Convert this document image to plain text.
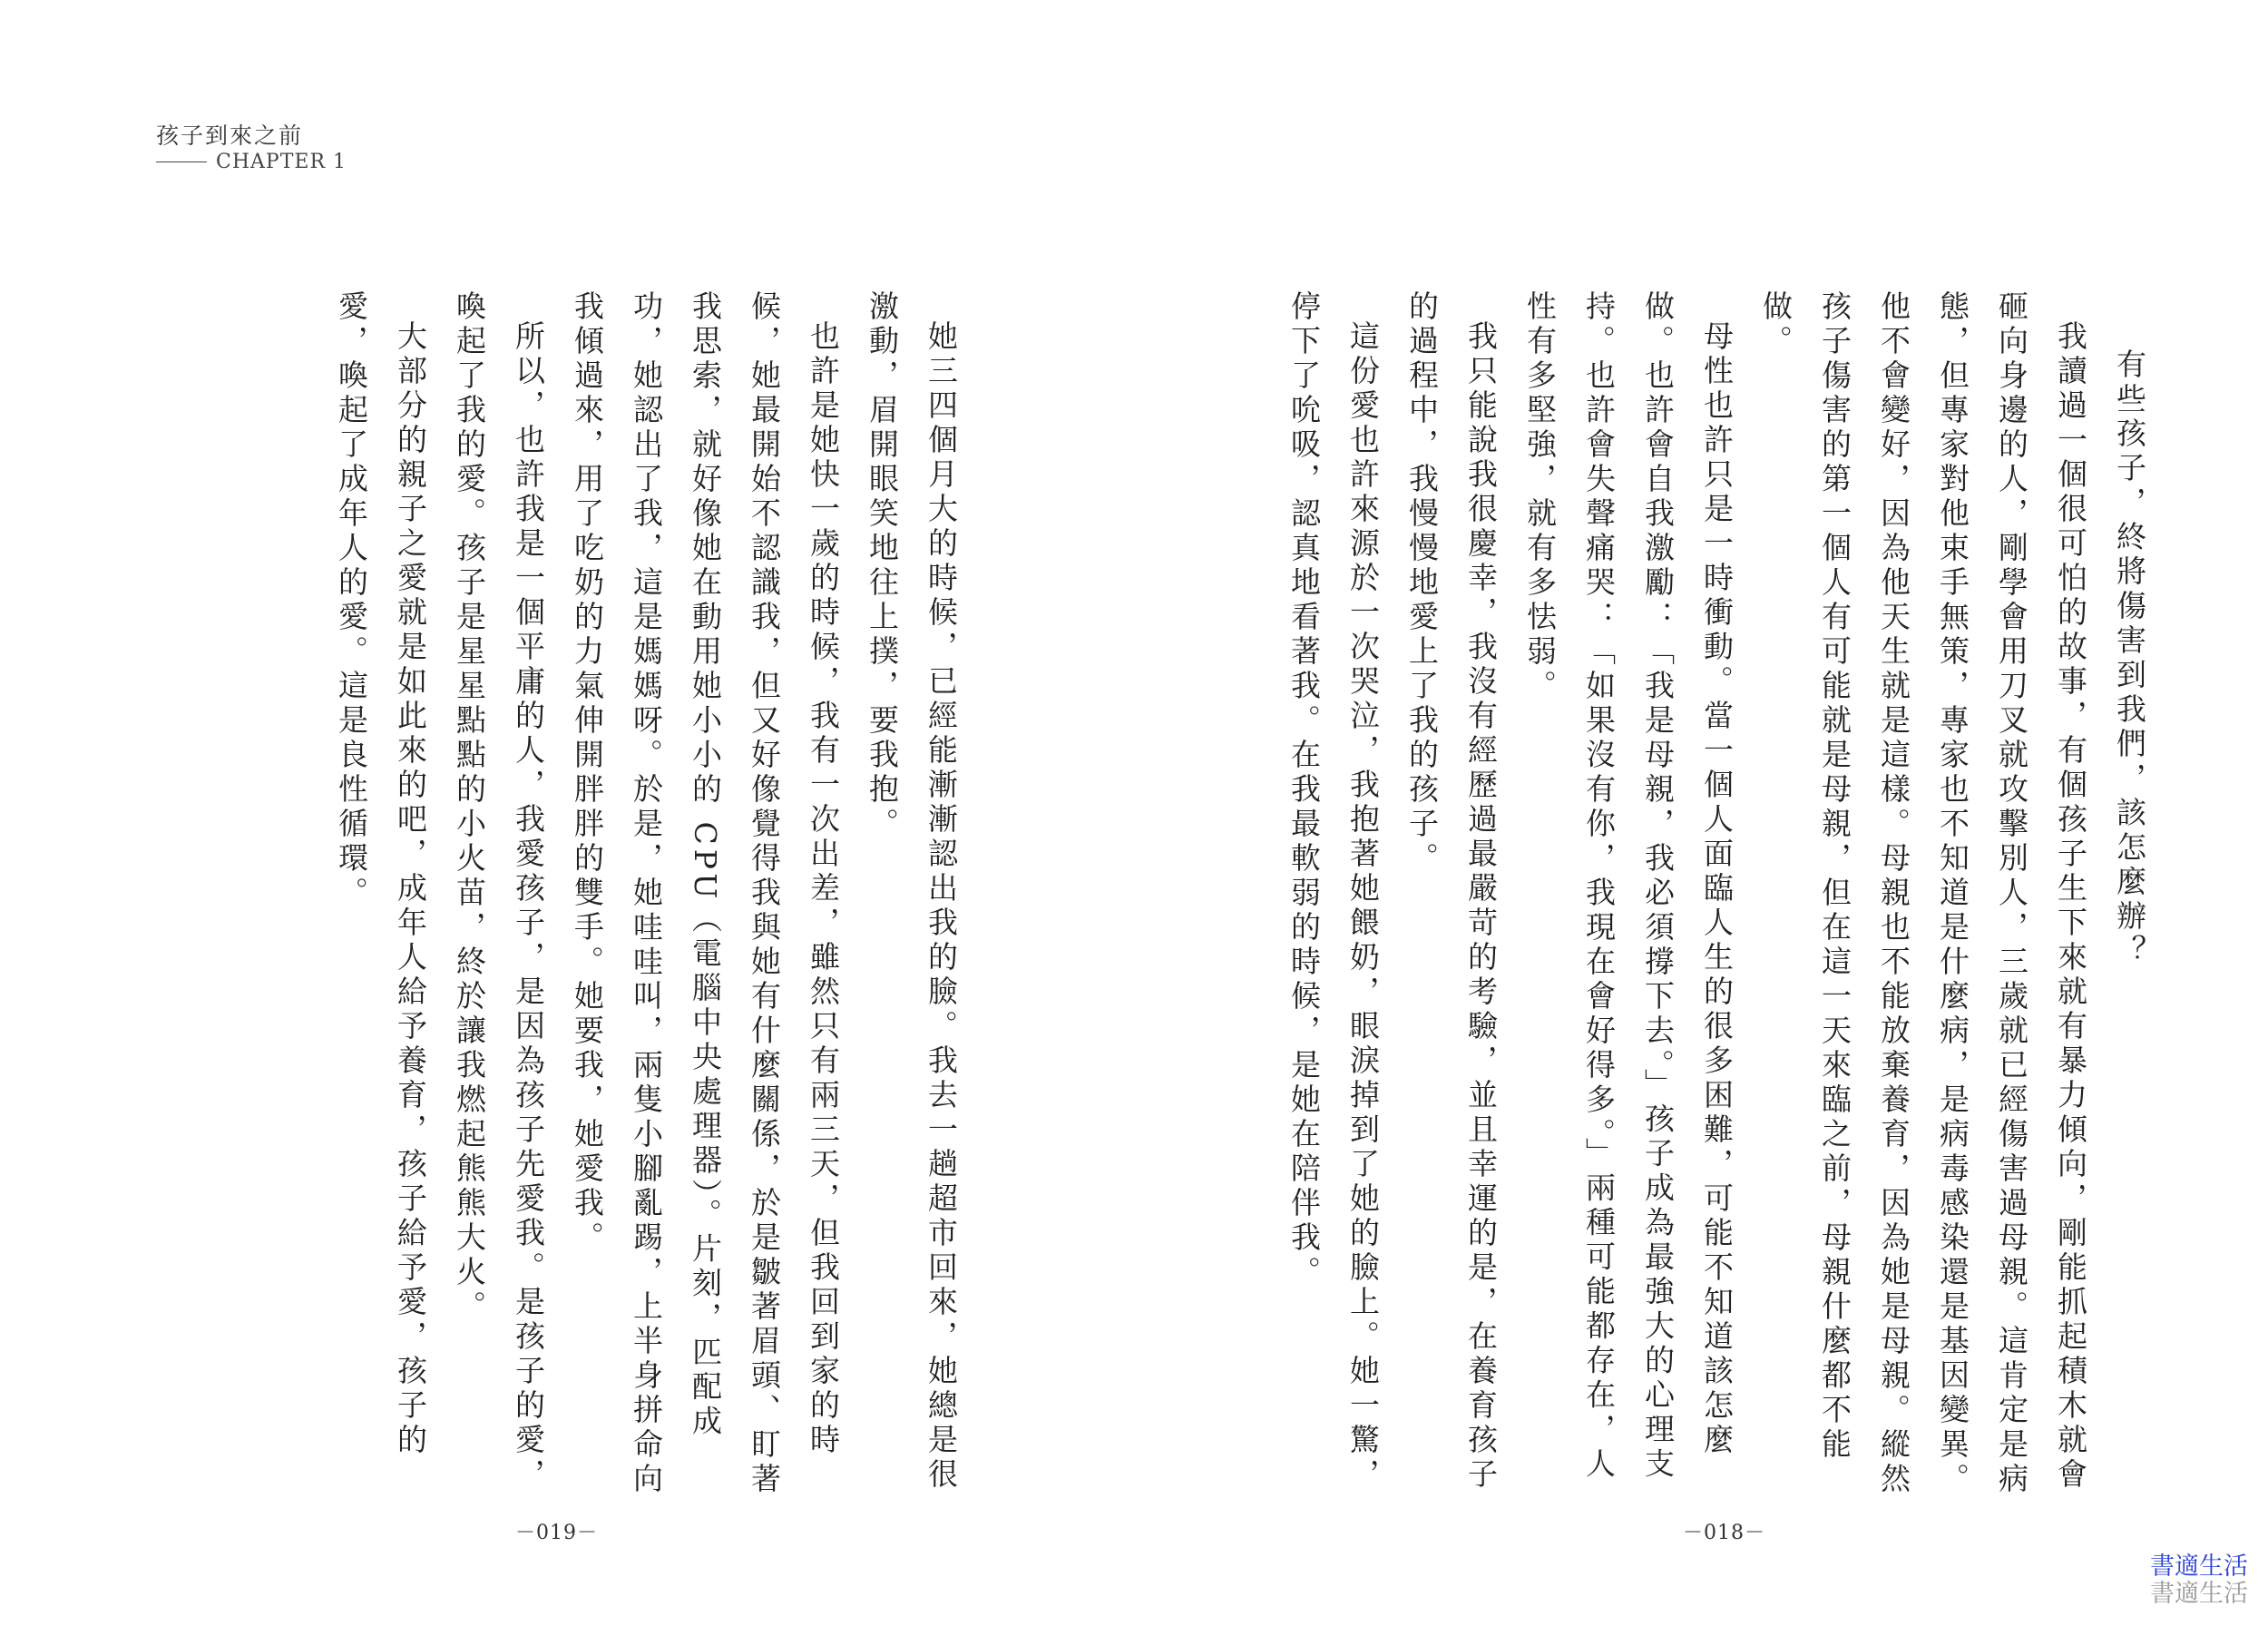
孩子到來之前
CHAPTER 1

有些孩子，終將傷害到我們，該怎麼辦？

我讀過一個很可怕的故事，有個孩子生下來就有暴力傾向，剛能抓起積木就會砸向身邊的人，剛學會用刀叉就攻擊別人，三歲就已經傷害過母親。這肯定是病態，但專家對他束手無策，專家也不知道是什麼病，是病毒感染還是基因變異。他不會變好，因為他天生就是這樣。母親也不能放棄養育，因為她是母親。縱然孩子傷害的第一個人有可能就是母親，但在這一天來臨之前，母親什麼都不能做。

母性也許只是一時衝動。當一個人面臨人生的很多困難，可能不知道該怎麼做。也許會自我激勵：「我是母親，我必須撐下去。」孩子成為最強大的心理支持。也許會失聲痛哭：「如果沒有你，我現在會好得多。」兩種可能都存在，人性有多堅強，就有多怯弱。

我只能說我很慶幸，我沒有經歷過最嚴苛的考驗，並且幸運的是，在養育孩子的過程中，我慢慢地愛上了我的孩子。

這份愛也許來源於一次哭泣，我抱著她餵奶，眼淚掉到了她的臉上。她一驚，停下了吮吸，認真地看著我。在我最軟弱的時候，是她在陪伴我。

她三四個月大的時候，已經能漸漸認出我的臉。我去一趟超市回來，她總是很激動，眉開眼笑地往上撲，要我抱。

也許是她快一歲的時候，我有一次出差，雖然只有兩三天，但我回到家的時候，她最開始不認識我，但又好像覺得我與她有什麼關係，於是皺著眉頭、盯著我思索，就好像她在動用她小小的 CPU（電腦中央處理器）。片刻，匹配成功，她認出了我，這是媽媽呀。於是，她哇哇叫，兩隻小腳亂踢，上半身拼命向我傾過來，用了吃奶的力氣伸開胖胖的雙手。她要我，她愛我。

所以，也許我是一個平庸的人，我愛孩子，是因為孩子先愛我。是孩子的愛，喚起了我的愛。孩子是星星點點的小火苗，終於讓我燃起熊熊大火。

大部分的親子之愛就是如此來的吧，成年人給予養育，孩子給予愛，孩子的愛，喚起了成年人的愛。這是良性循環。

－019－	－018－
書適生活
書適生活
